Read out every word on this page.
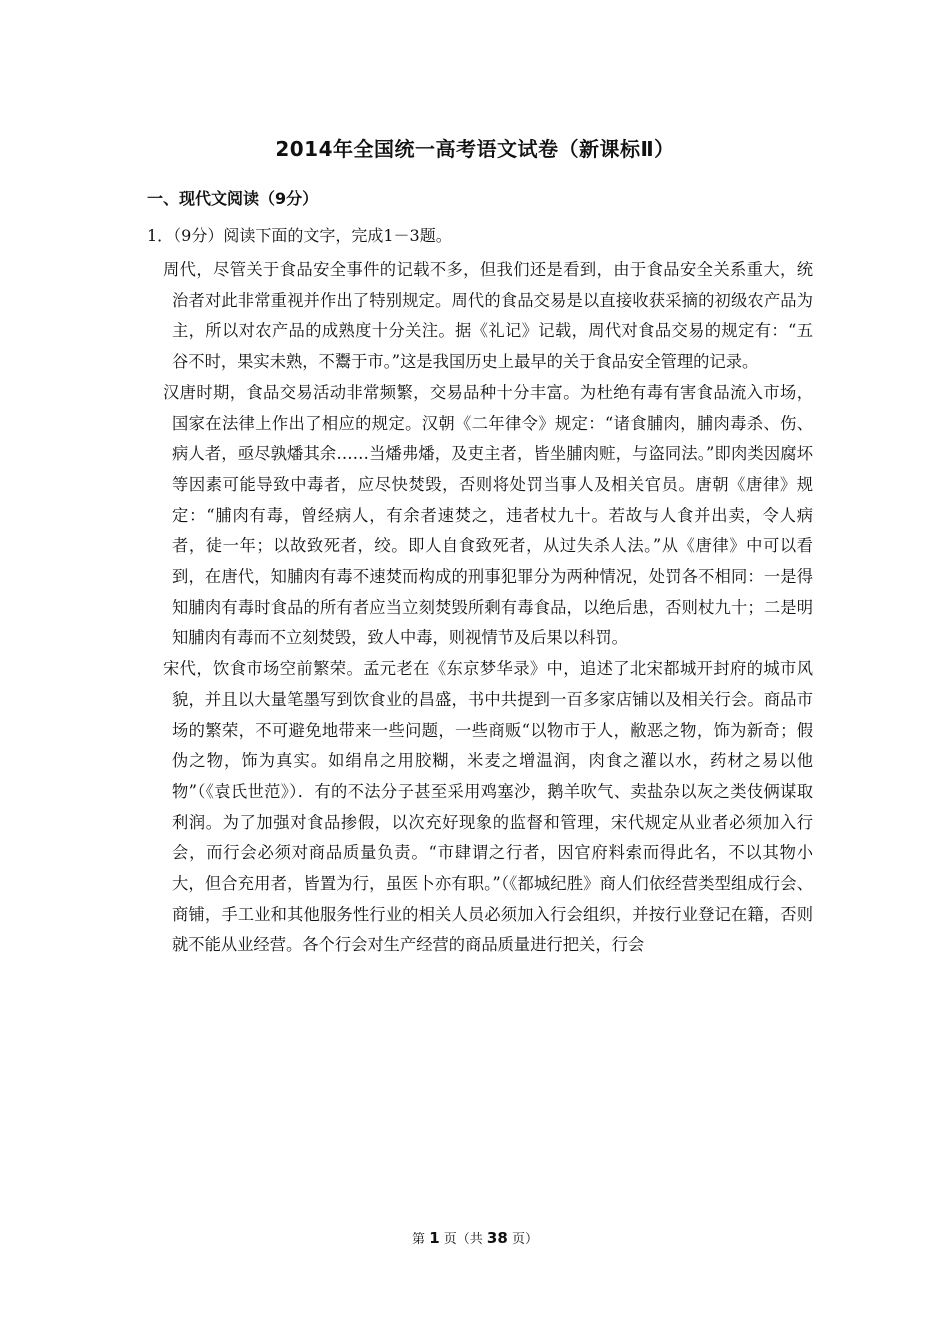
2014年全国统一高考语文试卷（新课标Ⅱ）
一、现代文阅读（9分）
1．（9分）阅读下面的文字，完成1－3题。

周代，尽管关于食品安全事件的记载不多，但我们还是看到，由于食品安全关系重大，统治者对此非常重视并作出了特别规定。周代的食品交易是以直接收获采摘的初级农产品为主，所以对农产品的成熟度十分关注。据《礼记》记载，周代对食品交易的规定有：“五谷不时，果实未熟，不鬻于市。”这是我国历史上最早的关于食品安全管理的记录。

汉唐时期，食品交易活动非常频繁，交易品种十分丰富。为杜绝有毒有害食品流入市场，国家在法律上作出了相应的规定。汉朝《二年律令》规定：“诸食脯肉，脯肉毒杀、伤、病人者，亟尽孰燔其余……当燔弗燔，及吏主者，皆坐脯肉赃，与盗同法。”即肉类因腐坏等因素可能导致中毒者，应尽快焚毁，否则将处罚当事人及相关官员。唐朝《唐律》规定：“脯肉有毒，曾经病人，有余者速焚之，违者杖九十。若故与人食并出卖，令人病者，徒一年；以故致死者，绞。即人自食致死者，从过失杀人法。”从《唐律》中可以看到，在唐代，知脯肉有毒不速焚而构成的刑事犯罪分为两种情况，处罚各不相同：一是得知脯肉有毒时食品的所有者应当立刻焚毁所剩有毒食品，以绝后患，否则杖九十；二是明知脯肉有毒而不立刻焚毁，致人中毒，则视情节及后果以科罚。

宋代，饮食市场空前繁荣。孟元老在《东京梦华录》中，追述了北宋都城开封府的城市风貌，并且以大量笔墨写到饮食业的昌盛，书中共提到一百多家店铺以及相关行会。商品市场的繁荣，不可避免地带来一些问题，一些商贩“以物市于人，敝恶之物，饰为新奇；假伪之物，饰为真实。如绢帛之用胶糊，米麦之增温润，肉食之灌以水，药材之易以他物”（《袁氏世范》）．有的不法分子甚至采用鸡塞沙，鹅羊吹气、卖盐杂以灰之类伎俩谋取利润。为了加强对食品掺假，以次充好现象的监督和管理，宋代规定从业者必须加入行会，而行会必须对商品质量负责。“市肆谓之行者，因官府料索而得此名，不以其物小大，但合充用者，皆置为行，虽医卜亦有职。”（《都城纪胜》商人们依经营类型组成行会、商铺，手工业和其他服务性行业的相关人员必须加入行会组织，并按行业登记在籍，否则就不能从业经营。各个行会对生产经营的商品质量进行把关，行会

第 1 页（共 38 页）
